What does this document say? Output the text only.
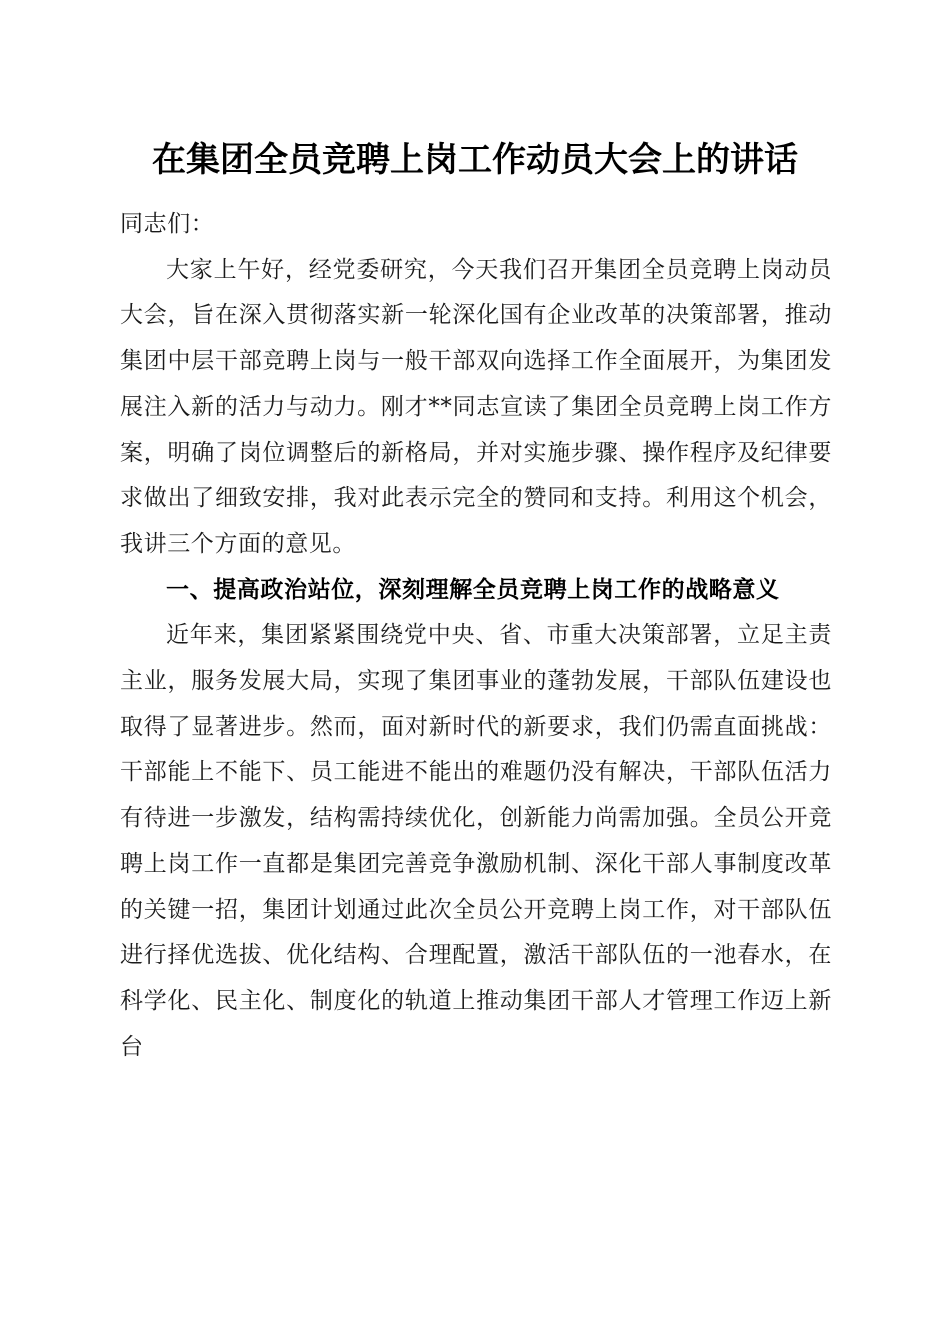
在集团全员竞聘上岗工作动员大会上的讲话

同志们：

大家上午好，经党委研究，今天我们召开集团全员竞聘上岗动员大会，旨在深入贯彻落实新一轮深化国有企业改革的决策部署，推动集团中层干部竞聘上岗与一般干部双向选择工作全面展开，为集团发展注入新的活力与动力。刚才**同志宣读了集团全员竞聘上岗工作方案，明确了岗位调整后的新格局，并对实施步骤、操作程序及纪律要求做出了细致安排，我对此表示完全的赞同和支持。利用这个机会，我讲三个方面的意见。

一、提高政治站位，深刻理解全员竞聘上岗工作的战略意义

近年来，集团紧紧围绕党中央、省、市重大决策部署，立足主责主业，服务发展大局，实现了集团事业的蓬勃发展，干部队伍建设也取得了显著进步。然而，面对新时代的新要求，我们仍需直面挑战：干部能上不能下、员工能进不能出的难题仍没有解决，干部队伍活力有待进一步激发，结构需持续优化，创新能力尚需加强。全员公开竞聘上岗工作一直都是集团完善竞争激励机制、深化干部人事制度改革的关键一招，集团计划通过此次全员公开竞聘上岗工作，对干部队伍进行择优选拔、优化结构、合理配置，激活干部队伍的一池春水，在科学化、民主化、制度化的轨道上推动集团干部人才管理工作迈上新台
